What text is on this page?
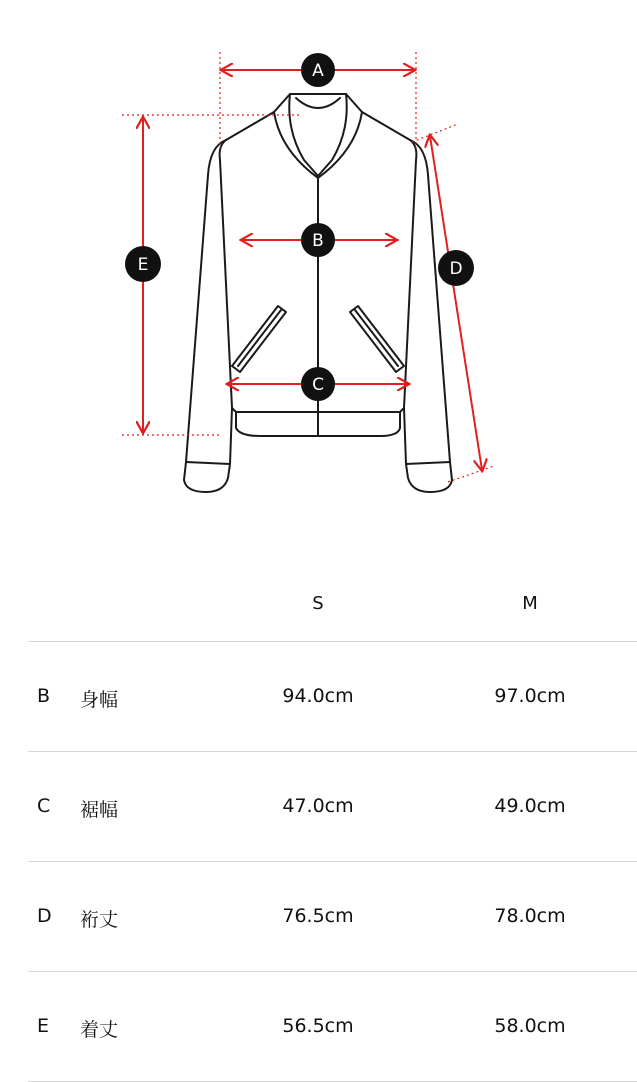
A
B
C
D
E
S	M
B 身幅	94.0cm	97.0cm
C 裾幅	47.0cm	49.0cm
D 裄丈	76.5cm	78.0cm
E 着丈	56.5cm	58.0cm
